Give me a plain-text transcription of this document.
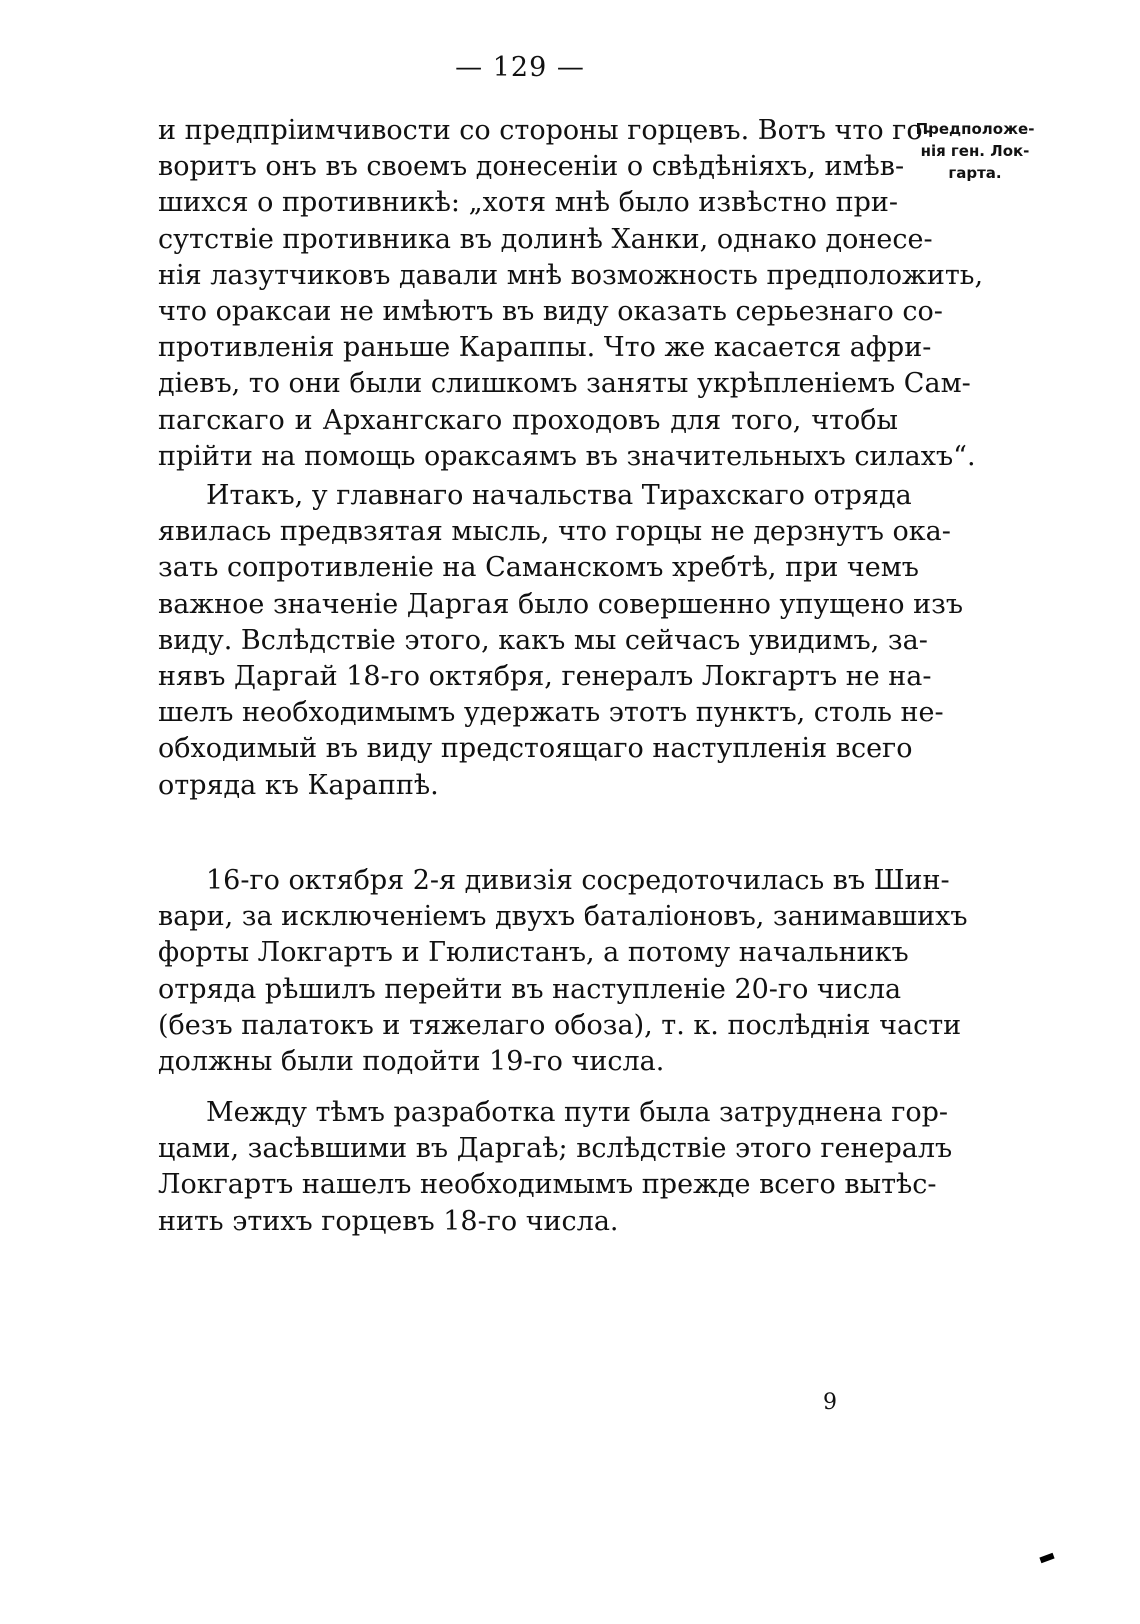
— 129 —
Предположе-
нія ген. Лок-
гарта.
и предпріимчивости со стороны горцевъ. Вотъ что го-
воритъ онъ въ своемъ донесеніи о свѣдѣніяхъ, имѣв-
шихся о противникѣ: „хотя мнѣ было извѣстно при-
сутствіе противника въ долинѣ Ханки, однако донесе-
нія лазутчиковъ давали мнѣ возможность предположить,
что оракcаи не имѣютъ въ виду оказать серьезнаго со-
противленія раньше Караппы. Что же касается афри-
діевъ, то они были слишкомъ заняты укрѣпленіемъ Сам-
пагскаго и Архангскаго проходовъ для того, чтобы
прійти на помощь оракcаямъ въ значительныхъ силахъ“.
Итакъ, у главнаго начальства Тирахскаго отряда
явилась предвзятая мысль, что горцы не дерзнутъ ока-
зать сопротивленіе на Саманскомъ хребтѣ, при чемъ
важное значеніе Даргая было совершенно упущено изъ
виду. Вслѣдствіе этого, какъ мы сейчасъ увидимъ, за-
нявъ Даргай 18-го октября, генералъ Локгартъ не на-
шелъ необходимымъ удержать этотъ пунктъ, столь не-
обходимый въ виду предстоящаго наступленія всего
отряда къ Караппѣ.
16-го октября 2-я дивизія сосредоточилась въ Шин-
вари, за исключеніемъ двухъ баталіоновъ, занимавшихъ
форты Локгартъ и Гюлистанъ, а потому начальникъ
отряда рѣшилъ перейти въ наступленіе 20-го числа
(безъ палатокъ и тяжелаго обоза), т. к. послѣднія части
должны были подойти 19-го числа.
Между тѣмъ разработка пути была затруднена гор-
цами, засѣвшими въ Даргаѣ; вслѣдствіе этого генералъ
Локгартъ нашелъ необходимымъ прежде всего вытѣс-
нить этихъ горцевъ 18-го числа.
9
